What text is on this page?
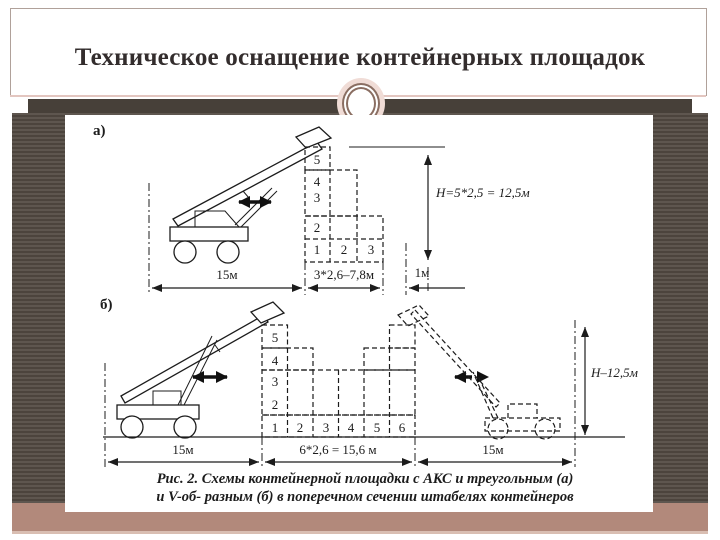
Техническое оснащение контейнерных площадок
а)
5
4
3
2
1 2 3
Н=5*2,5 = 12,5м
15м	3*2,6–7,8м	1м
б)
5
4
3
2
1 2 3 4 5 6
Н–12,5м
15м	6*2,6 = 15,6 м	15м
Рис. 2. Схемы контейнерной площадки с АКС и треугольным (а)
и V-об- разным (б) в поперечном сечении штабелях контейнеров
